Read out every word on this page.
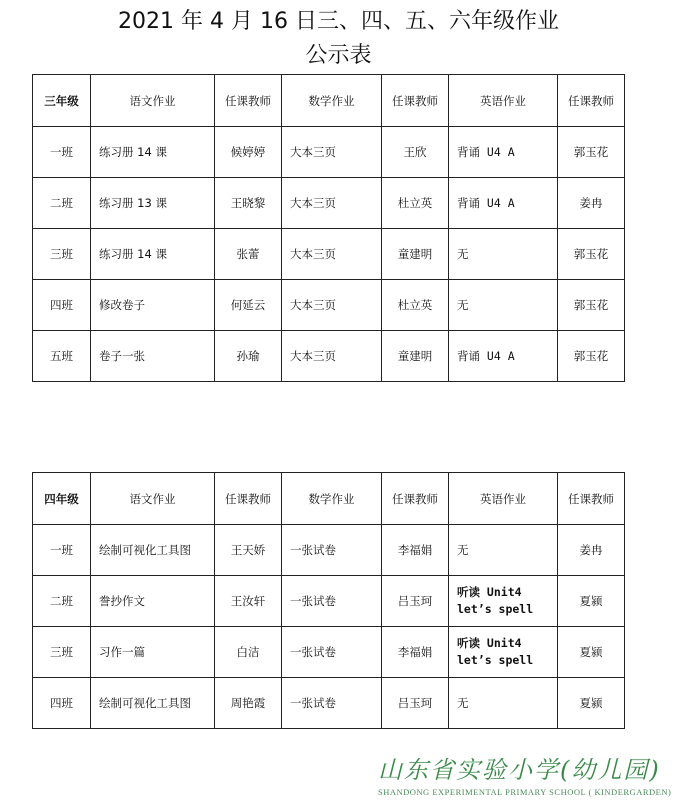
2021 年 4 月 16 日三、四、五、六年级作业
公示表
三年级	语文作业	任课教师	数学作业	任课教师	英语作业	任课教师
一班	练习册 14 课	候婷婷	大本三页	王欣	背诵 U4 A	郭玉花
二班	练习册 13 课	王晓黎	大本三页	杜立英	背诵 U4 A	姜冉
三班	练习册 14 课	张蕾	大本三页	童建明	无	郭玉花
四班	修改卷子	何延云	大本三页	杜立英	无	郭玉花
五班	卷子一张	孙瑜	大本三页	童建明	背诵 U4 A	郭玉花
四年级	语文作业	任课教师	数学作业	任课教师	英语作业	任课教师
一班	绘制可视化工具图	王天娇	一张试卷	李福娟	无	姜冉
二班	誊抄作文	王汝轩	一张试卷	吕玉珂	听读 Unit4
let’s spell	夏颍
三班	习作一篇	白洁	一张试卷	李福娟	听读 Unit4
let’s spell	夏颍
四班	绘制可视化工具图	周艳霞	一张试卷	吕玉珂	无	夏颍
山东省实验小学(幼儿园)
SHANDONG EXPERIMENTAL PRIMARY SCHOOL ( KINDERGARDEN)
